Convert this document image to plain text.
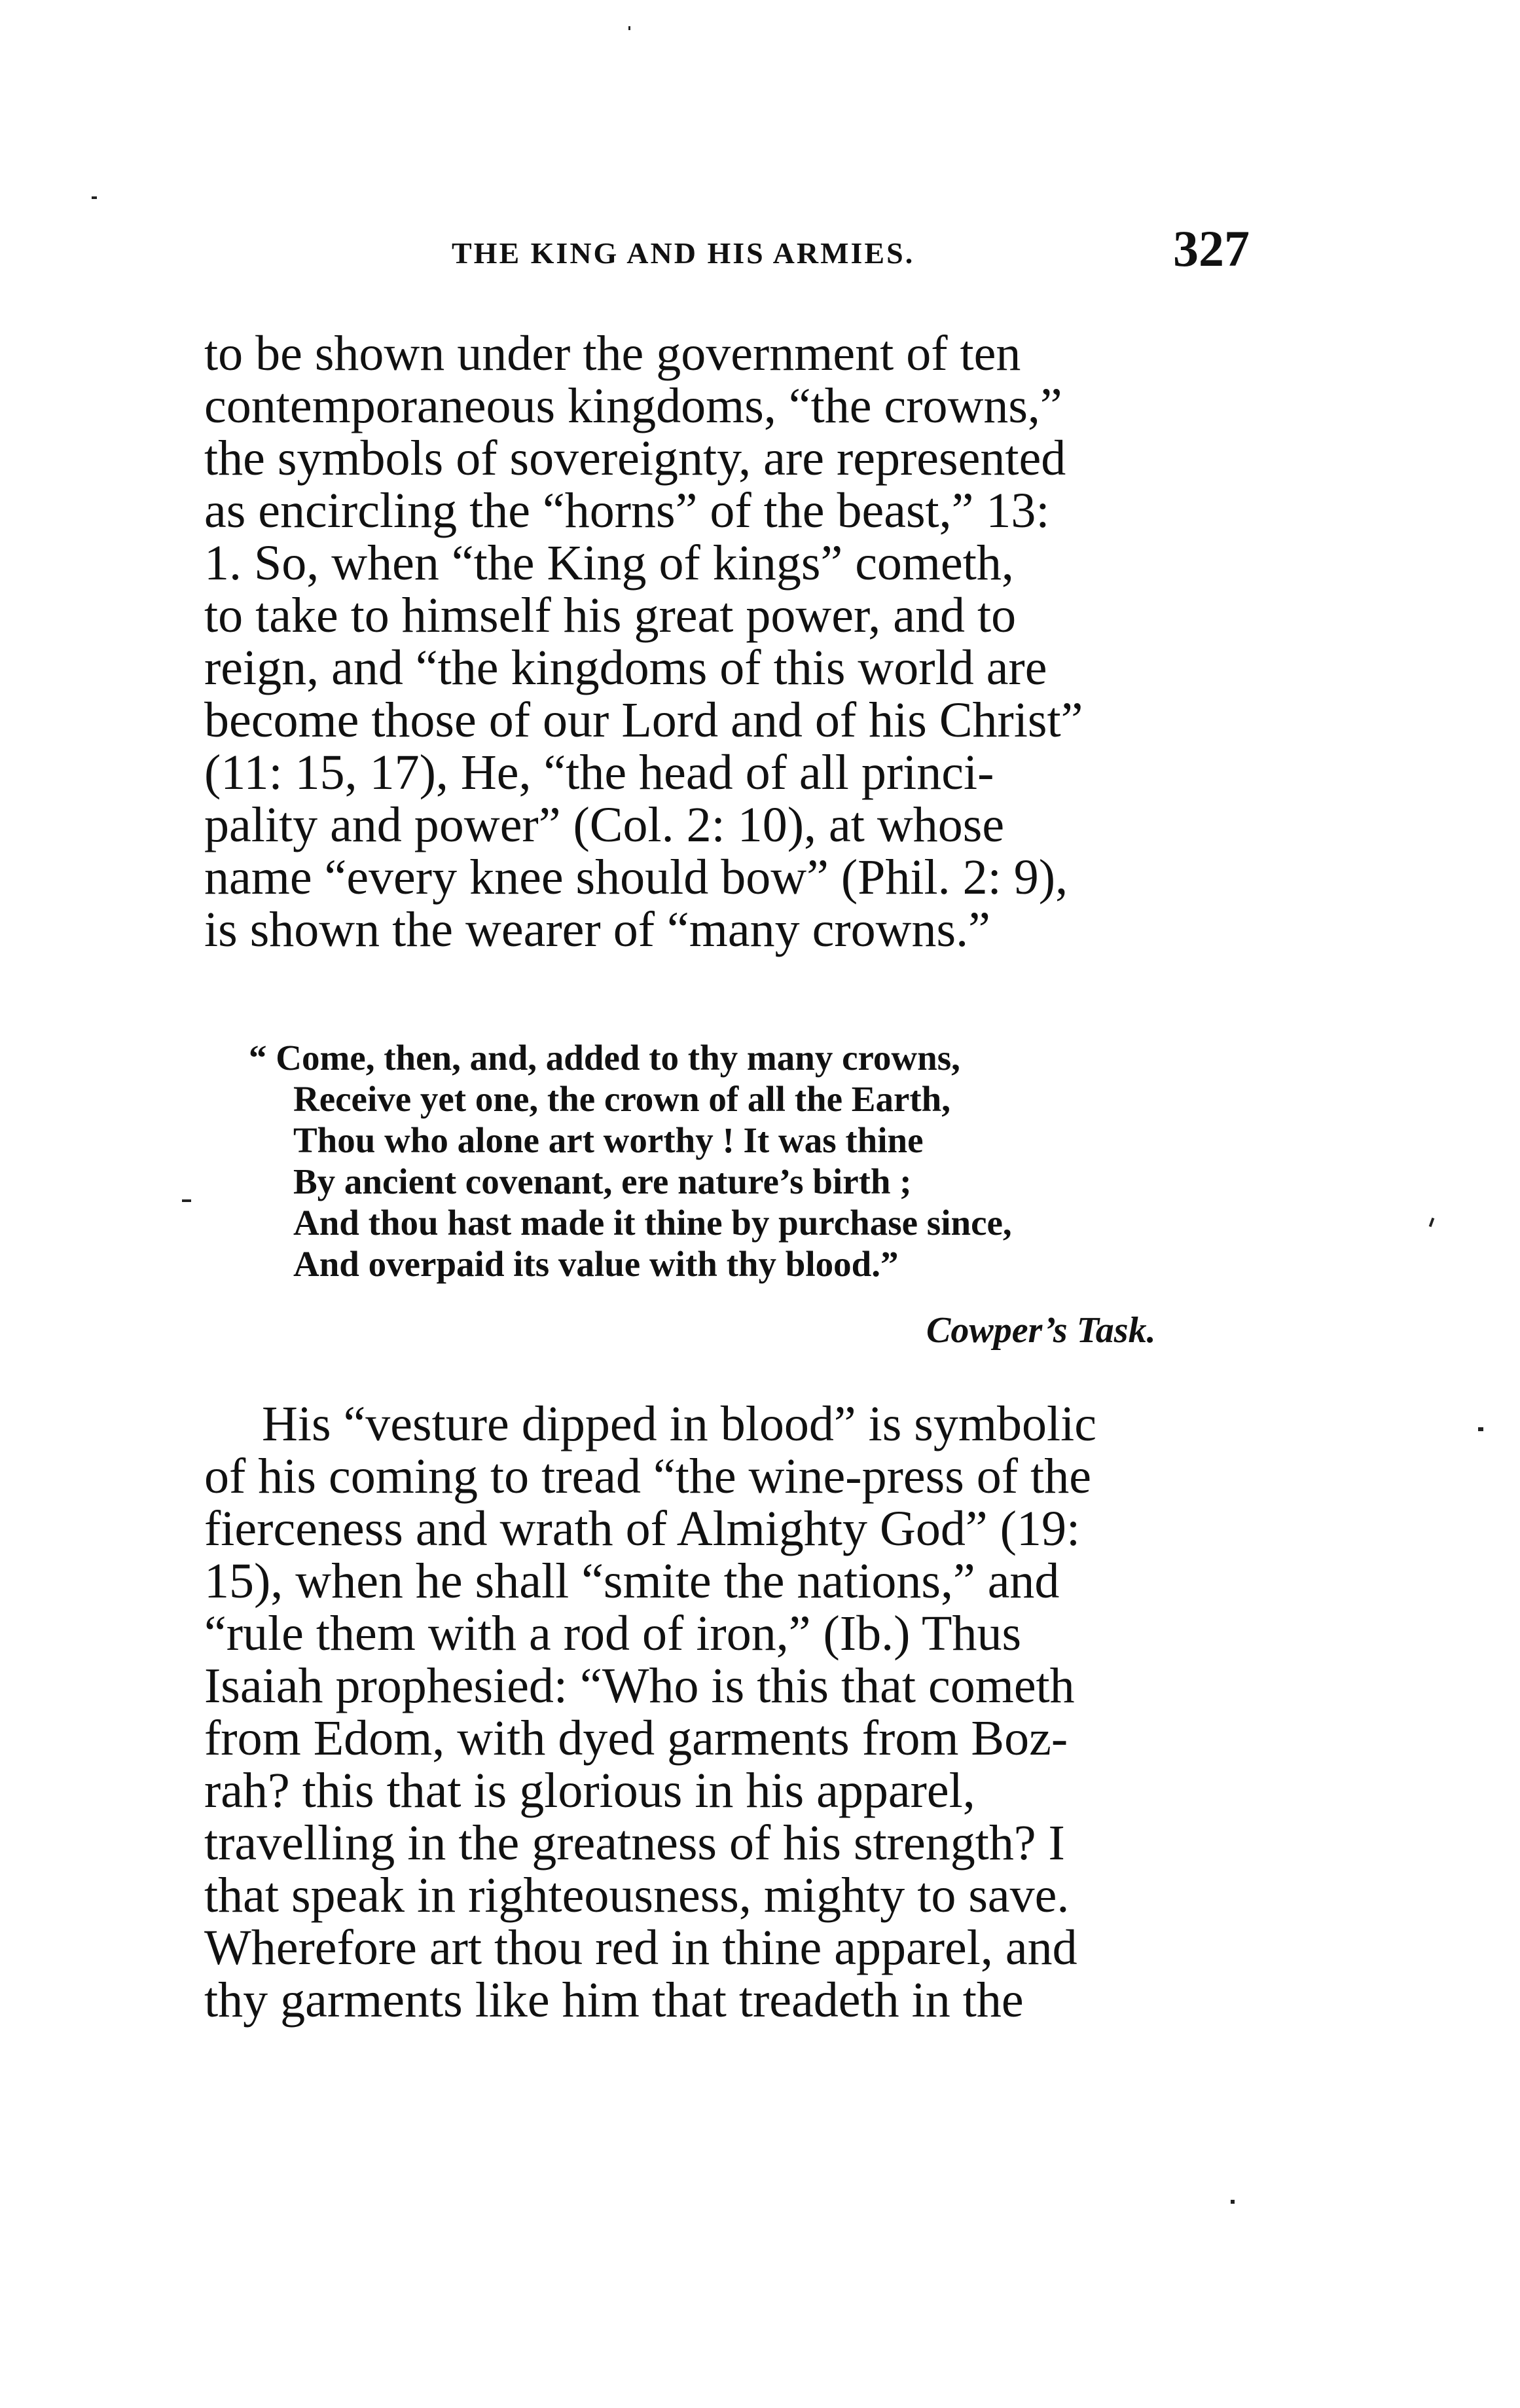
THE KING AND HIS ARMIES.	327
to be shown under the government of ten
contemporaneous kingdoms, “the crowns,”
the symbols of sovereignty, are represented
as encircling the “horns” of the beast,” 13:
1. So, when “the King of kings” cometh,
to take to himself his great power, and to
reign, and “the kingdoms of this world are
become those of our Lord and of his Christ”
(11: 15, 17), He, “the head of all princi-
pality and power” (Col. 2: 10), at whose
name “every knee should bow” (Phil. 2: 9),
is shown the wearer of “many crowns.”
“ Come, then, and, added to thy many crowns,
Receive yet one, the crown of all the Earth,
Thou who alone art worthy ! It was thine
By ancient covenant, ere nature’s birth ;
And thou hast made it thine by purchase since,
And overpaid its value with thy blood.”
Cowper’s Task.
His “vesture dipped in blood” is symbolic
of his coming to tread “the wine-press of the
fierceness and wrath of Almighty God” (19:
15), when he shall “smite the nations,” and
“rule them with a rod of iron,” (Ib.) Thus
Isaiah prophesied: “Who is this that cometh
from Edom, with dyed garments from Boz-
rah? this that is glorious in his apparel,
travelling in the greatness of his strength? I
that speak in righteousness, mighty to save.
Wherefore art thou red in thine apparel, and
thy garments like him that treadeth in the
